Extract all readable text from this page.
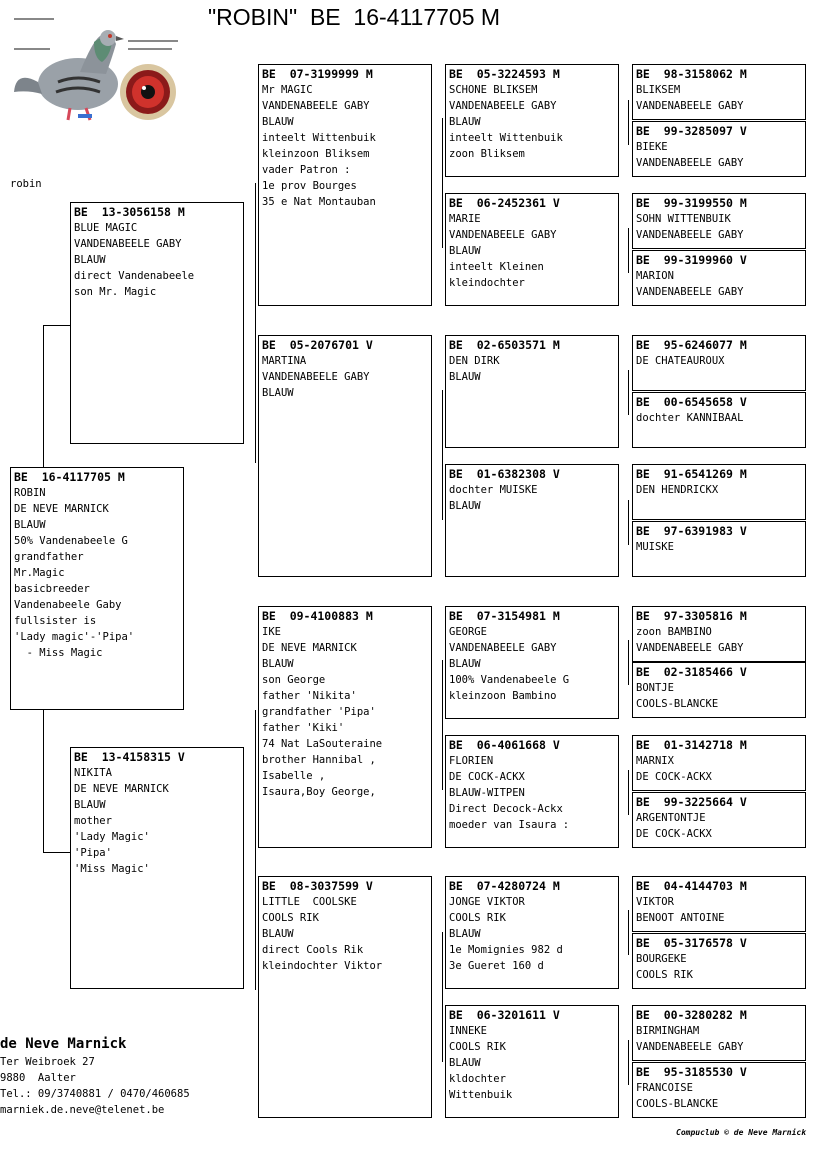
"ROBIN"  BE  16-4117705 M
robin
BE  16-4117705 M
ROBIN
DE NEVE MARNICK
BLAUW
50% Vandenabeele G
grandfather
Mr.Magic
basicbreeder
Vandenabeele Gaby
fullsister is
'Lady magic'-'Pipa'
- Miss Magic
BE  13-3056158 M
BLUE MAGIC
VANDENABEELE GABY
BLAUW
direct Vandenabeele
son Mr. Magic
BE  13-4158315 V
NIKITA
DE NEVE MARNICK
BLAUW
mother
'Lady Magic'
'Pipa'
'Miss Magic'
BE  07-3199999 M
Mr MAGIC
VANDENABEELE GABY
BLAUW
inteelt Wittenbuik
kleinzoon Bliksem
vader Patron :
1e prov Bourges
35 e Nat Montauban
BE  05-2076701 V
MARTINA
VANDENABEELE GABY
BLAUW
BE  09-4100883 M
IKE
DE NEVE MARNICK
BLAUW
son George
father 'Nikita'
grandfather 'Pipa'
father 'Kiki'
74 Nat LaSouteraine
brother Hannibal ,
Isabelle ,
Isaura,Boy George,
BE  08-3037599 V
LITTLE  COOLSKE
COOLS RIK
BLAUW
direct Cools Rik
kleindochter Viktor
BE  05-3224593 M
SCHONE BLIKSEM
VANDENABEELE GABY
BLAUW
inteelt Wittenbuik
zoon Bliksem
BE  06-2452361 V
MARIE
VANDENABEELE GABY
BLAUW
inteelt Kleinen
kleindochter
BE  02-6503571 M
DEN DIRK
BLAUW
BE  01-6382308 V
dochter MUISKE
BLAUW
BE  07-3154981 M
GEORGE
VANDENABEELE GABY
BLAUW
100% Vandenabeele G
kleinzoon Bambino
BE  06-4061668 V
FLORIEN
DE COCK-ACKX
BLAUW-WITPEN
Direct Decock-Ackx
moeder van Isaura :
BE  07-4280724 M
JONGE VIKTOR
COOLS RIK
BLAUW
1e Momignies 982 d
3e Gueret 160 d
BE  06-3201611 V
INNEKE
COOLS RIK
BLAUW
kldochter
Wittenbuik
BE  98-3158062 M
BLIKSEM
VANDENABEELE GABY
BE  99-3285097 V
BIEKE
VANDENABEELE GABY
BE  99-3199550 M
SOHN WITTENBUIK
VANDENABEELE GABY
BE  99-3199960 V
MARION
VANDENABEELE GABY
BE  95-6246077 M
DE CHATEAUROUX
BE  00-6545658 V
dochter KANNIBAAL
BE  91-6541269 M
DEN HENDRICKX
BE  97-6391983 V
MUISKE
BE  97-3305816 M
zoon BAMBINO
VANDENABEELE GABY
BE  02-3185466 V
BONTJE
COOLS-BLANCKE
BE  01-3142718 M
MARNIX
DE COCK-ACKX
BE  99-3225664 V
ARGENTONTJE
DE COCK-ACKX
BE  04-4144703 M
VIKTOR
BENOOT ANTOINE
BE  05-3176578 V
BOURGEKE
COOLS RIK
BE  00-3280282 M
BIRMINGHAM
VANDENABEELE GABY
BE  95-3185530 V
FRANCOISE
COOLS-BLANCKE
de Neve Marnick
Ter Weibroek 27
9880  Aalter
Tel.: 09/3740881 / 0470/460685
marniek.de.neve@telenet.be
Compuclub © de Neve Marnick
